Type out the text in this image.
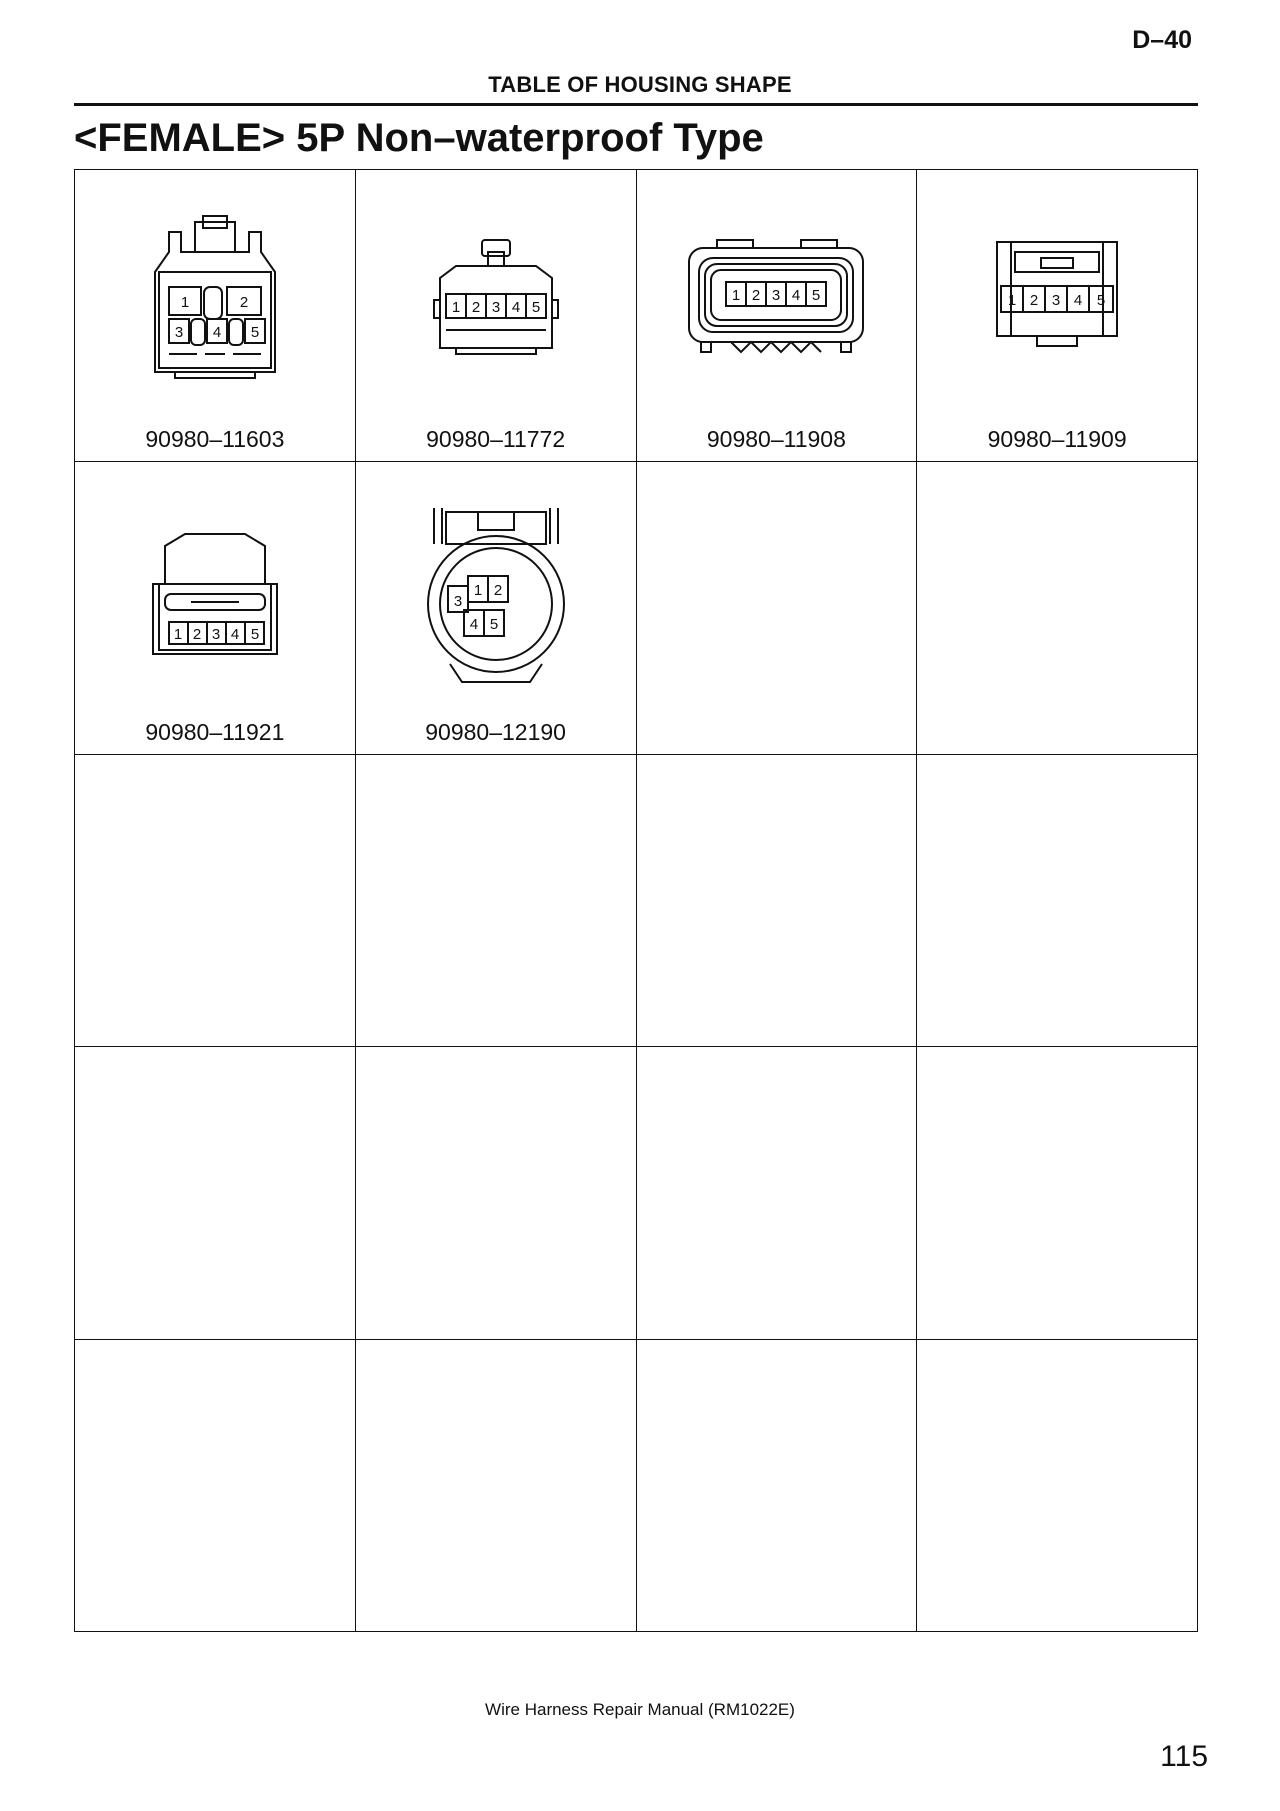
D–40
TABLE OF HOUSING SHAPE
<FEMALE> 5P Non–waterproof Type
1	2
3 4 5
90980–11603
1 2 3 4 5
90980–11772
1 2 3 4 5
90980–11908
1 2 3 4 5
90980–11909
1 2 3 4 5
90980–11921
3
1 2
4 5
90980–12190
Wire Harness Repair Manual (RM1022E)
115
